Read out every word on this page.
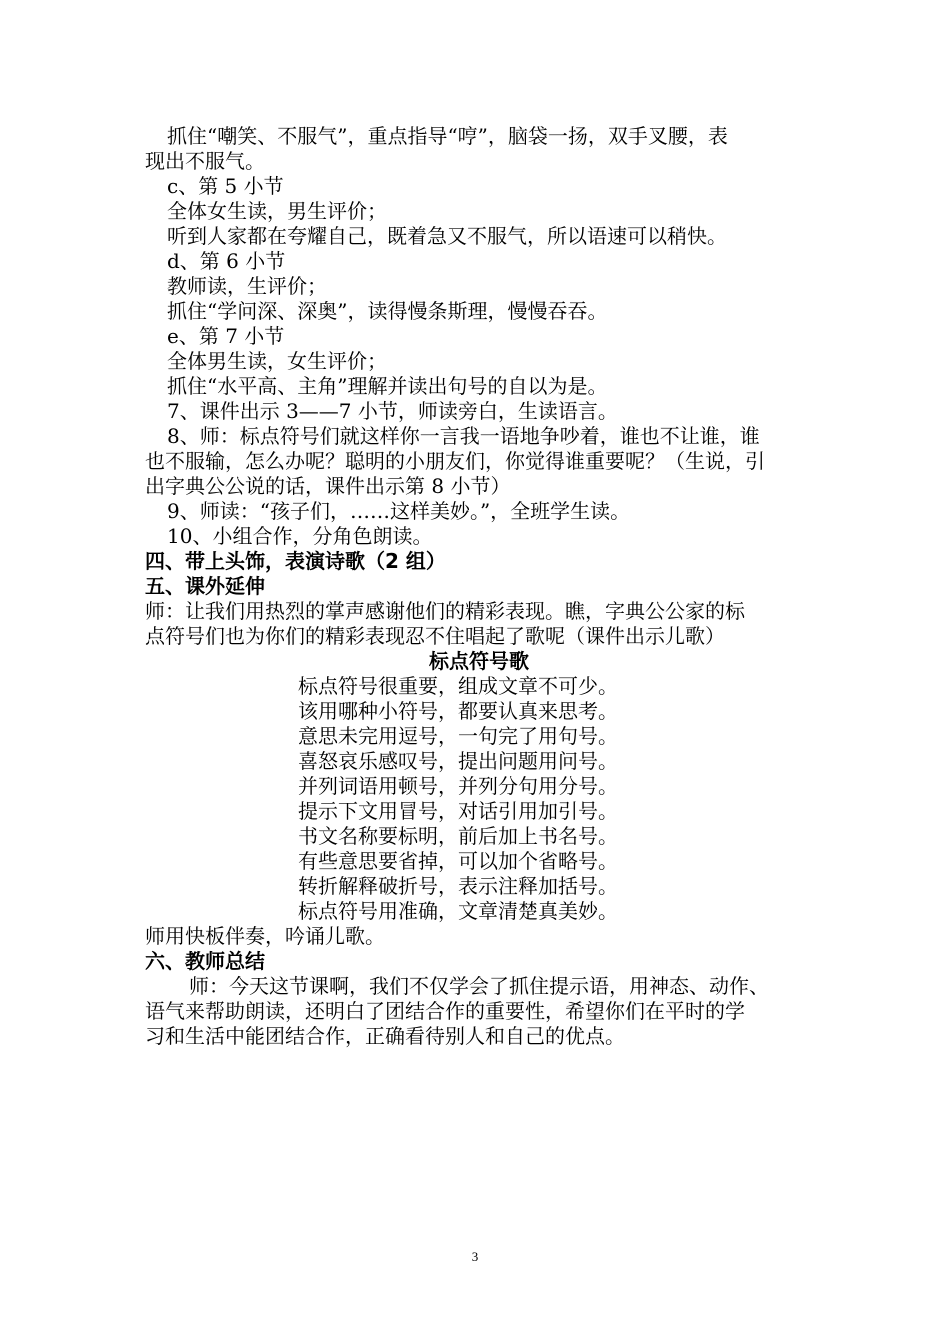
抓住“嘲笑、不服气”，重点指导“哼”，脑袋一扬，双手叉腰，表

现出不服气。

c、第 5 小节

全体女生读，男生评价；

听到人家都在夸耀自己，既着急又不服气，所以语速可以稍快。

d、第 6 小节

教师读，生评价；

抓住“学问深、深奥”，读得慢条斯理，慢慢吞吞。

e、第 7 小节

全体男生读，女生评价；

抓住“水平高、主角”理解并读出句号的自以为是。

7、课件出示 3——7 小节，师读旁白，生读语言。

8、师：标点符号们就这样你一言我一语地争吵着，谁也不让谁，谁

也不服输，怎么办呢？聪明的小朋友们，你觉得谁重要呢？（生说，引

出字典公公说的话，课件出示第 8 小节）

9、师读：“孩子们，……这样美妙。”，全班学生读。

10、小组合作，分角色朗读。

四、带上头饰，表演诗歌（2 组）

五、课外延伸

师：让我们用热烈的掌声感谢他们的精彩表现。瞧，字典公公家的标

点符号们也为你们的精彩表现忍不住唱起了歌呢（课件出示儿歌）

标点符号歌

标点符号很重要，组成文章不可少。

该用哪种小符号，都要认真来思考。

意思未完用逗号，一句完了用句号。

喜怒哀乐感叹号，提出问题用问号。

并列词语用顿号，并列分句用分号。

提示下文用冒号，对话引用加引号。

书文名称要标明，前后加上书名号。

有些意思要省掉，可以加个省略号。

转折解释破折号，表示注释加括号。

标点符号用准确，文章清楚真美妙。

师用快板伴奏，吟诵儿歌。

六、教师总结

师：今天这节课啊，我们不仅学会了抓住提示语，用神态、动作、

语气来帮助朗读，还明白了团结合作的重要性，希望你们在平时的学

习和生活中能团结合作，正确看待别人和自己的优点。

3
